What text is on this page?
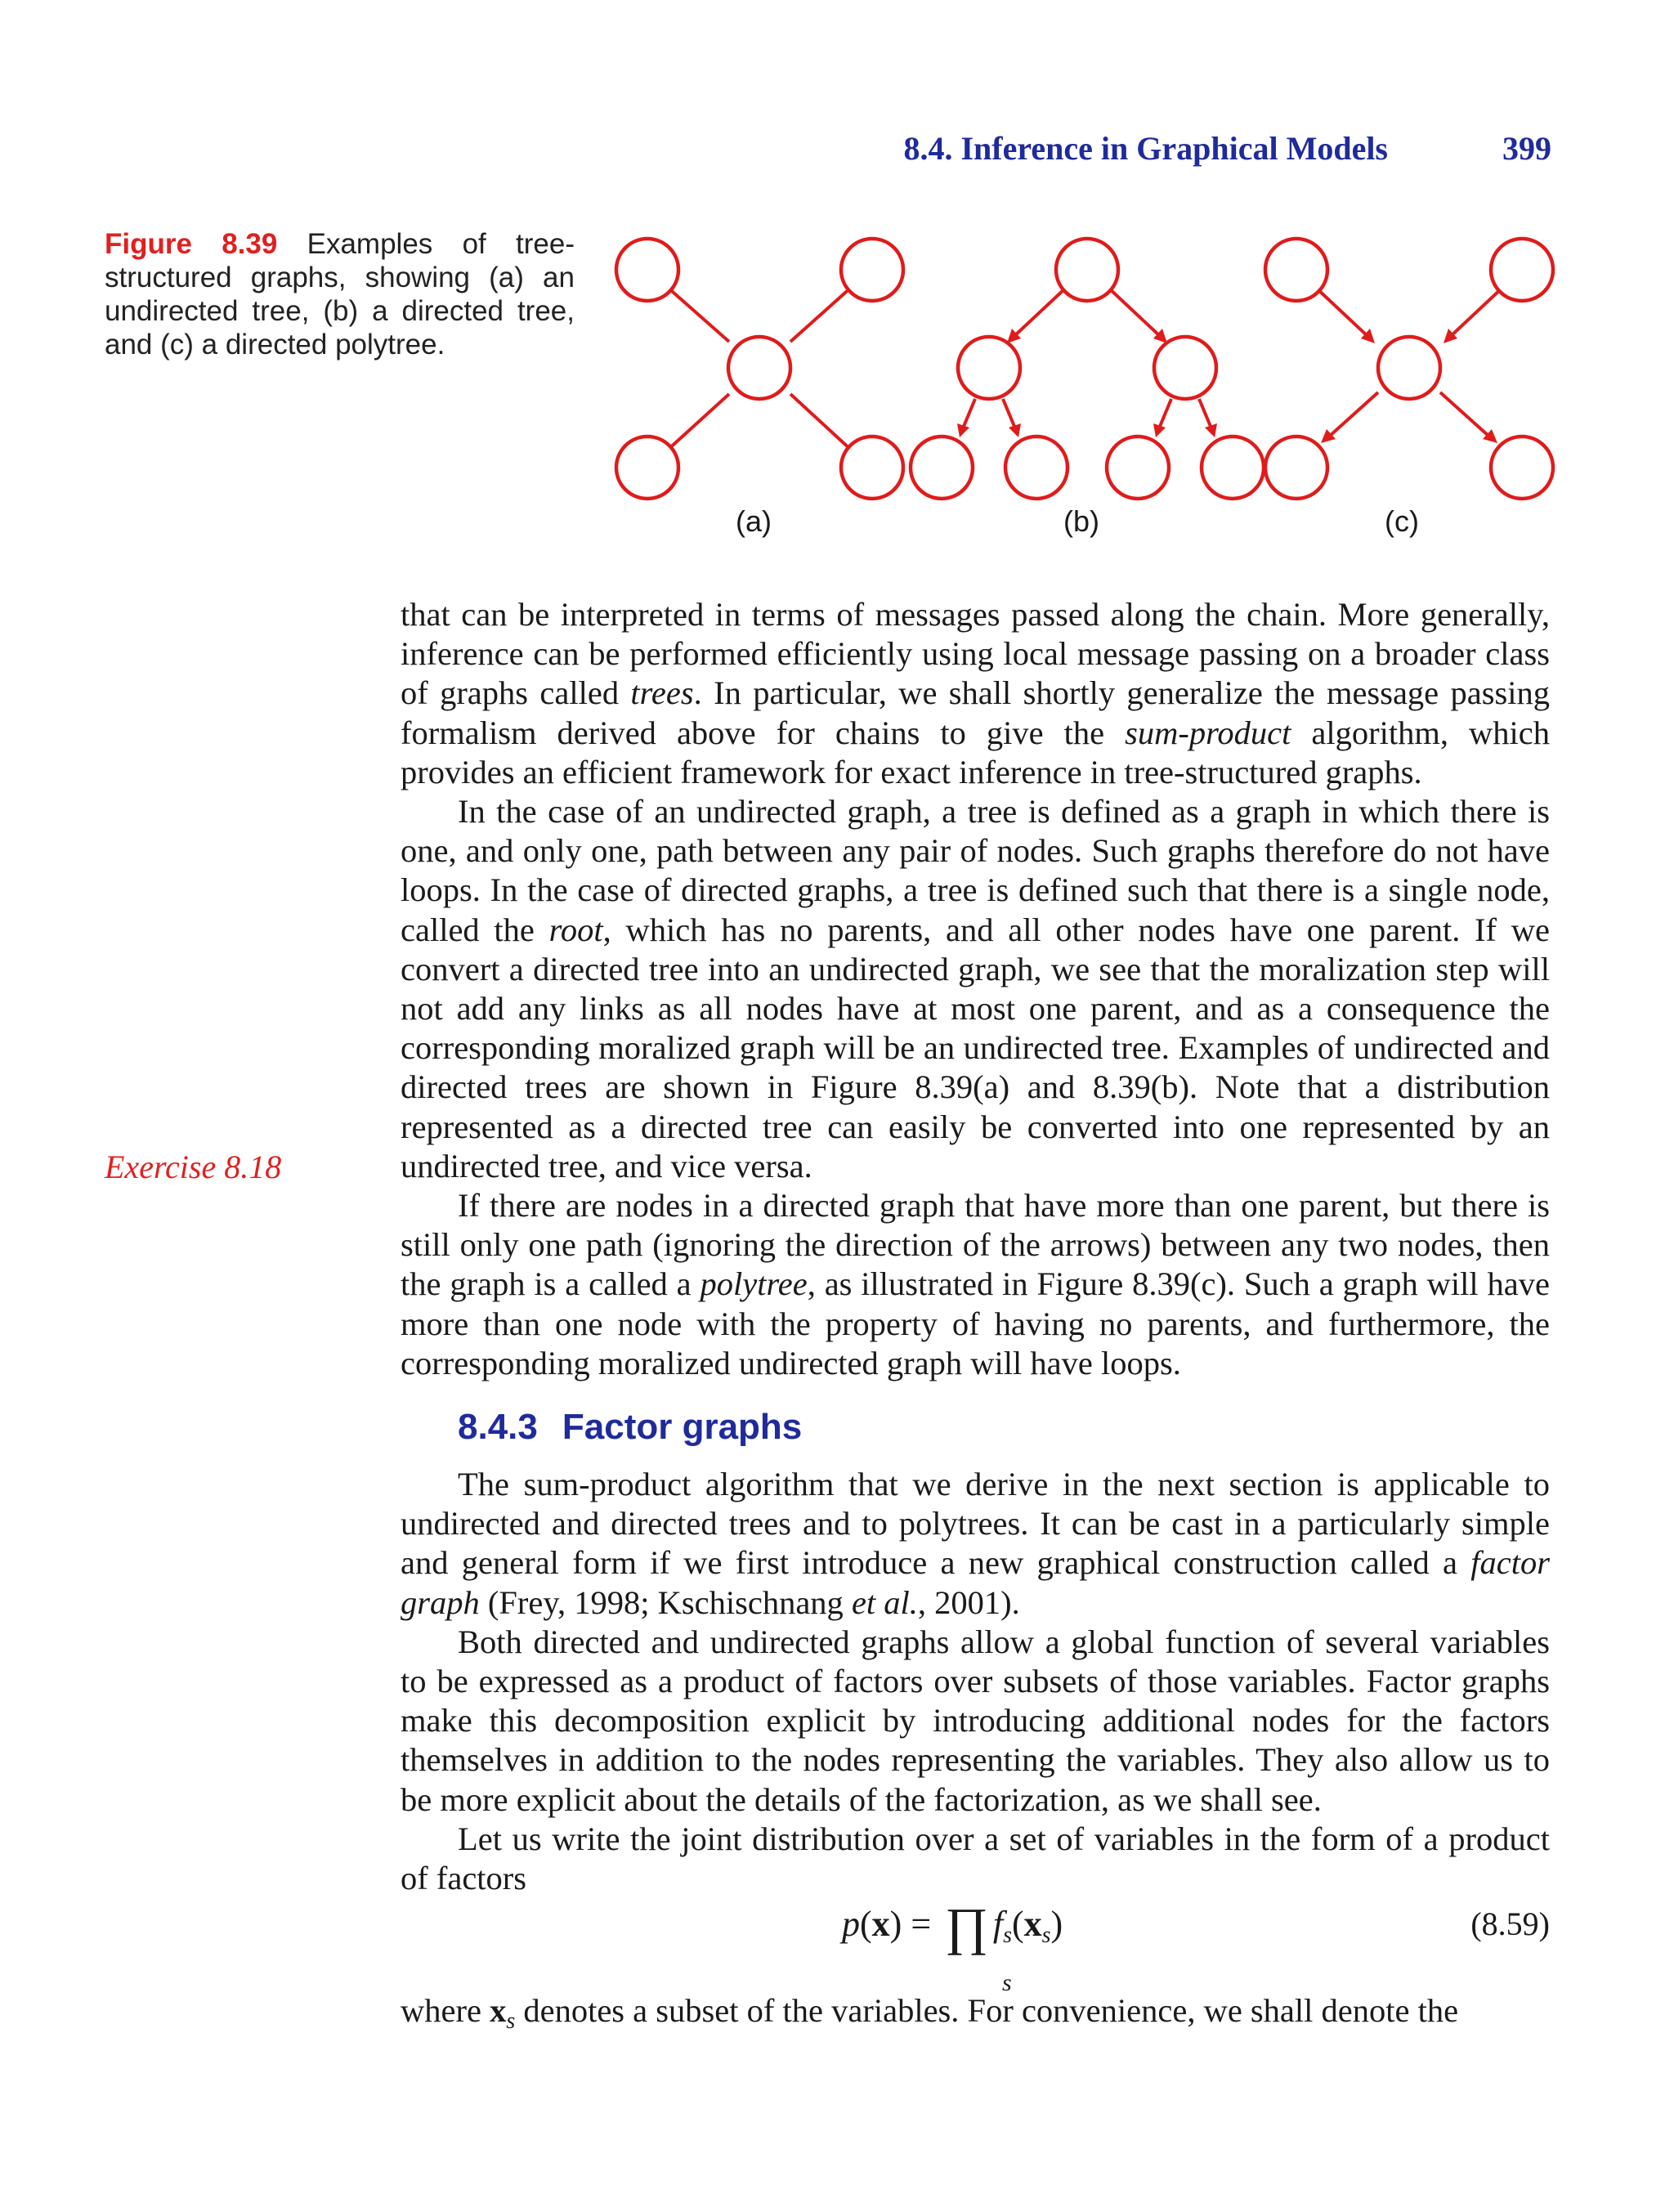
8.4. Inference in Graphical Models	399
Figure 8.39 Examples of tree-structured graphs, showing (a) an undirected tree, (b) a directed tree, and (c) a directed polytree.
(a)	(b)	(c)
Exercise 8.18

that can be interpreted in terms of messages passed along the chain. More generally, inference can be performed efficiently using local message passing on a broader class of graphs called trees. In particular, we shall shortly generalize the message passing formalism derived above for chains to give the sum-product algorithm, which provides an efficient framework for exact inference in tree-structured graphs.

In the case of an undirected graph, a tree is defined as a graph in which there is one, and only one, path between any pair of nodes. Such graphs therefore do not have loops. In the case of directed graphs, a tree is defined such that there is a single node, called the root, which has no parents, and all other nodes have one parent. If we convert a directed tree into an undirected graph, we see that the moralization step will not add any links as all nodes have at most one parent, and as a consequence the corresponding moralized graph will be an undirected tree. Examples of undirected and directed trees are shown in Figure 8.39(a) and 8.39(b). Note that a distribution represented as a directed tree can easily be converted into one represented by an undirected tree, and vice versa.

If there are nodes in a directed graph that have more than one parent, but there is still only one path (ignoring the direction of the arrows) between any two nodes, then the graph is a called a polytree, as illustrated in Figure 8.39(c). Such a graph will have more than one node with the property of having no parents, and furthermore, the corresponding moralized undirected graph will have loops.

8.4.3 Factor graphs

The sum-product algorithm that we derive in the next section is applicable to undirected and directed trees and to polytrees. It can be cast in a particularly simple and general form if we first introduce a new graphical construction called a factor graph (Frey, 1998; Kschischnang et al., 2001).

Both directed and undirected graphs allow a global function of several variables to be expressed as a product of factors over subsets of those variables. Factor graphs make this decomposition explicit by introducing additional nodes for the factors themselves in addition to the nodes representing the variables. They also allow us to be more explicit about the details of the factorization, as we shall see.

Let us write the joint distribution over a set of variables in the form of a product of factors

p(x) = ∏ $f_s(x_s)$
s
(8.59)

where xs denotes a subset of the variables. For convenience, we shall denote the
